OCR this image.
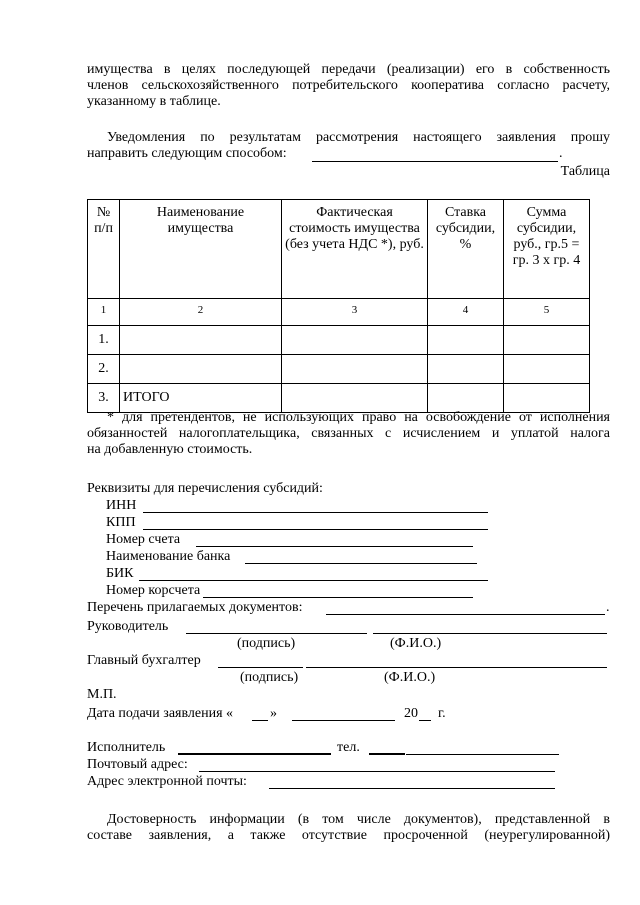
имущества в целях последующей передачи (реализации) его в собственность
членов сельскохозяйственного потребительского кооператива согласно расчету,
указанному в таблице.
Уведомления по результатам рассмотрения настоящего заявления прошу
направить следующим способом:	.
Таблица
№ п/п	Наименование имущества	Фактическая стоимость имущества (без учета НДС *), руб.	Ставка субсидии, %	Сумма субсидии, руб., гр.5 = гр. 3 х гр. 4
1	2	3	4	5
1.				
2.				
3.	ИТОГО			
* для претендентов, не использующих право на освобождение от исполнения
обязанностей налогоплательщика, связанных с исчислением и уплатой налога
на добавленную стоимость.
Реквизиты для перечисления субсидий:
ИНН
КПП
Номер счета
Наименование банка
БИК
Номер корсчета
Перечень прилагаемых документов:	.
Руководитель
(подпись)	(Ф.И.О.)
Главный бухгалтер
(подпись)	(Ф.И.О.)
М.П.
Дата подачи заявления «	»	20 г.
Исполнитель	тел.
Почтовый адрес:
Адрес электронной почты:
Достоверность информации (в том числе документов), представленной в
составе заявления, а также отсутствие просроченной (неурегулированной)
